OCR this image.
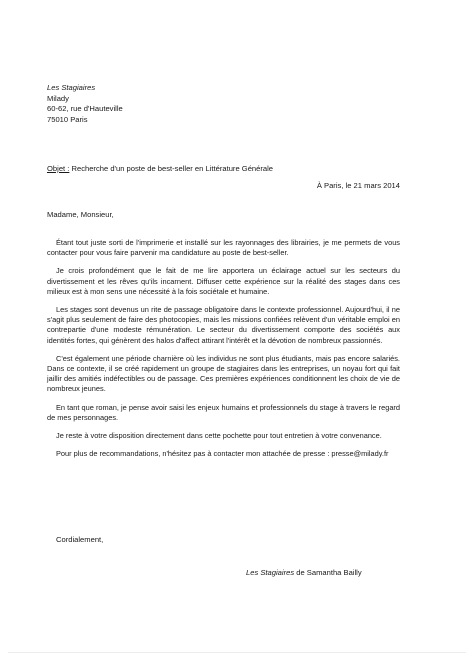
Les Stagiaires
Milady
60-62, rue d'Hauteville
75010 Paris
Objet : Recherche d'un poste de best-seller en Littérature Générale
À Paris, le 21 mars 2014
Madame, Monsieur,

Étant tout juste sorti de l'imprimerie et installé sur les rayonnages des librairies, je me permets de vous contacter pour vous faire parvenir ma candidature au poste de best-seller.

Je crois profondément que le fait de me lire apportera un éclairage actuel sur les secteurs du divertissement et les rêves qu'ils incarnent. Diffuser cette expérience sur la réalité des stages dans ces milieux est à mon sens une nécessité à la fois sociétale et humaine.

Les stages sont devenus un rite de passage obligatoire dans le contexte professionnel. Aujourd'hui, il ne s'agit plus seulement de faire des photocopies, mais les missions confiées relèvent d'un véritable emploi en contrepartie d'une modeste rémunération. Le secteur du divertissement comporte des sociétés aux identités fortes, qui génèrent des halos d'affect attirant l'intérêt et la dévotion de nombreux passionnés.

C'est également une période charnière où les individus ne sont plus étudiants, mais pas encore salariés. Dans ce contexte, il se créé rapidement un groupe de stagiaires dans les entreprises, un noyau fort qui fait jaillir des amitiés indéfectibles ou de passage. Ces premières expériences conditionnent les choix de vie de nombreux jeunes.

En tant que roman, je pense avoir saisi les enjeux humains et professionnels du stage à travers le regard de mes personnages.

Je reste à votre disposition directement dans cette pochette pour tout entretien à votre convenance.

Pour plus de recommandations, n'hésitez pas à contacter mon attachée de presse : presse@milady.fr

Cordialement,
Les Stagiaires de Samantha Bailly
